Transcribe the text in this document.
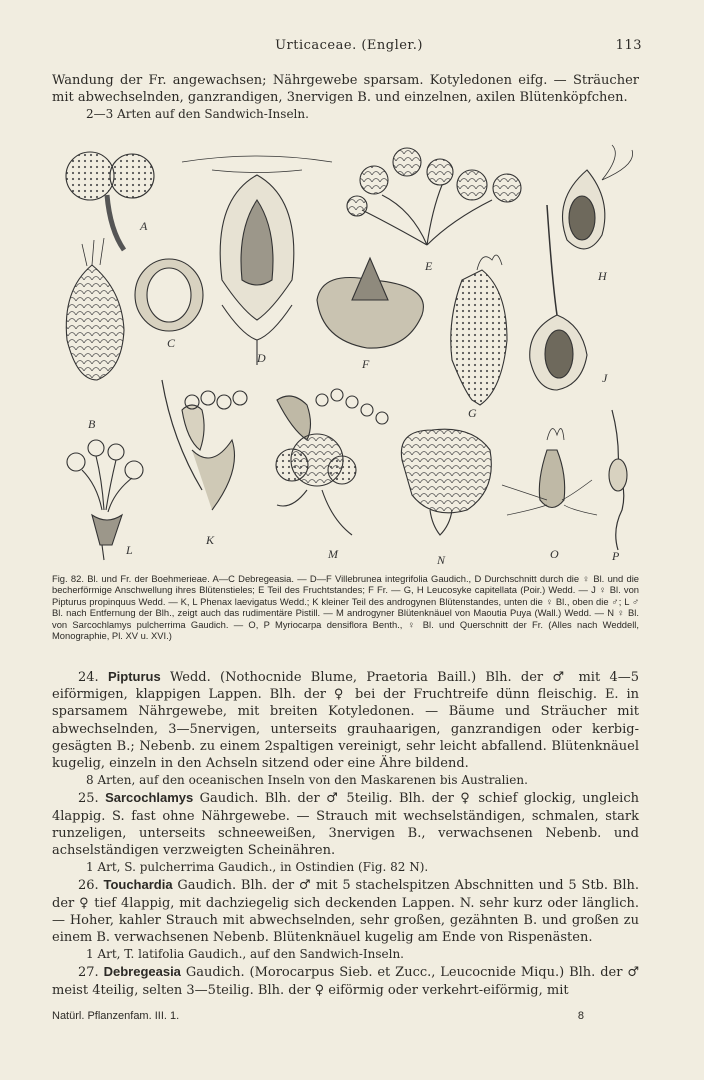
Urticaceae. (Engler.)	113
Wandung der Fr. angewachsen; Nährgewebe sparsam. Kotyledonen eifg. — Sträucher mit abwechselnden, ganzrandigen, 3nervigen B. und einzelnen, axilen Blütenköpfchen.
2—3 Arten auf den Sandwich-Inseln.
A
B
C
D
E
F
G
H
J
K
L	M	N	O	P
Fig. 82. Bl. und Fr. der Boehmerieae. A—C Debregeasia. — D—F Villebrunea integrifolia Gaudich., D Durchschnitt durch die ♀ Bl. und die becherförmige Anschwellung ihres Blütenstieles; E Teil des Fruchtstandes; F Fr. — G, H Leucosyke capitellata (Poir.) Wedd. — J ♀ Bl. von Pipturus propinquus Wedd. — K, L Phenax laevigatus Wedd.; K kleiner Teil des androgynen Blütenstandes, unten die ♀ Bl., oben die ♂; L ♂ Bl. nach Entfernung der Blh., zeigt auch das rudimentäre Pistill. — M androgyner Blütenknäuel von Maoutia Puya (Wall.) Wedd. — N ♀ Bl. von Sarcochlamys pulcherrima Gaudich. — O, P Myriocarpa densiflora Benth., ♀ Bl. und Querschnitt der Fr. (Alles nach Weddell, Monographie, Pl. XV u. XVI.)

24. Pipturus Wedd. (Nothocnide Blume, Praetoria Baill.) Blh. der ♂ mit 4—5 eiförmigen, klappigen Lappen. Blh. der ♀ bei der Fruchtreife dünn fleischig. E. in sparsamem Nährgewebe, mit breiten Kotyledonen. — Bäume und Sträucher mit abwechselnden, 3—5nervigen, unterseits grauhaarigen, ganzrandigen oder kerbig-gesägten B.; Nebenb. zu einem 2spaltigen vereinigt, sehr leicht abfallend. Blütenknäuel kugelig, einzeln in den Achseln sitzend oder eine Ähre bildend.

8 Arten, auf den oceanischen Inseln von den Maskarenen bis Australien.

25. Sarcochlamys Gaudich. Blh. der ♂ 5teilig. Blh. der ♀ schief glockig, ungleich 4lappig. S. fast ohne Nährgewebe. — Strauch mit wechselständigen, schmalen, stark runzeligen, unterseits schneeweißen, 3nervigen B., verwachsenen Nebenb. und achselständigen verzweigten Scheinähren.

1 Art, S. pulcherrima Gaudich., in Ostindien (Fig. 82 N).

26. Touchardia Gaudich. Blh. der ♂ mit 5 stachelspitzen Abschnitten und 5 Stb. Blh. der ♀ tief 4lappig, mit dachziegelig sich deckenden Lappen. N. sehr kurz oder länglich. — Hoher, kahler Strauch mit abwechselnden, sehr großen, gezähnten B. und großen zu einem B. verwachsenen Nebenb. Blütenknäuel kugelig am Ende von Rispenästen.

1 Art, T. latifolia Gaudich., auf den Sandwich-Inseln.

27. Debregeasia Gaudich. (Morocarpus Sieb. et Zucc., Leucocnide Miqu.) Blh. der ♂ meist 4teilig, selten 3—5teilig. Blh. der ♀ eiförmig oder verkehrt-eiförmig, mit

Natürl. Pflanzenfam. III. 1.	8
